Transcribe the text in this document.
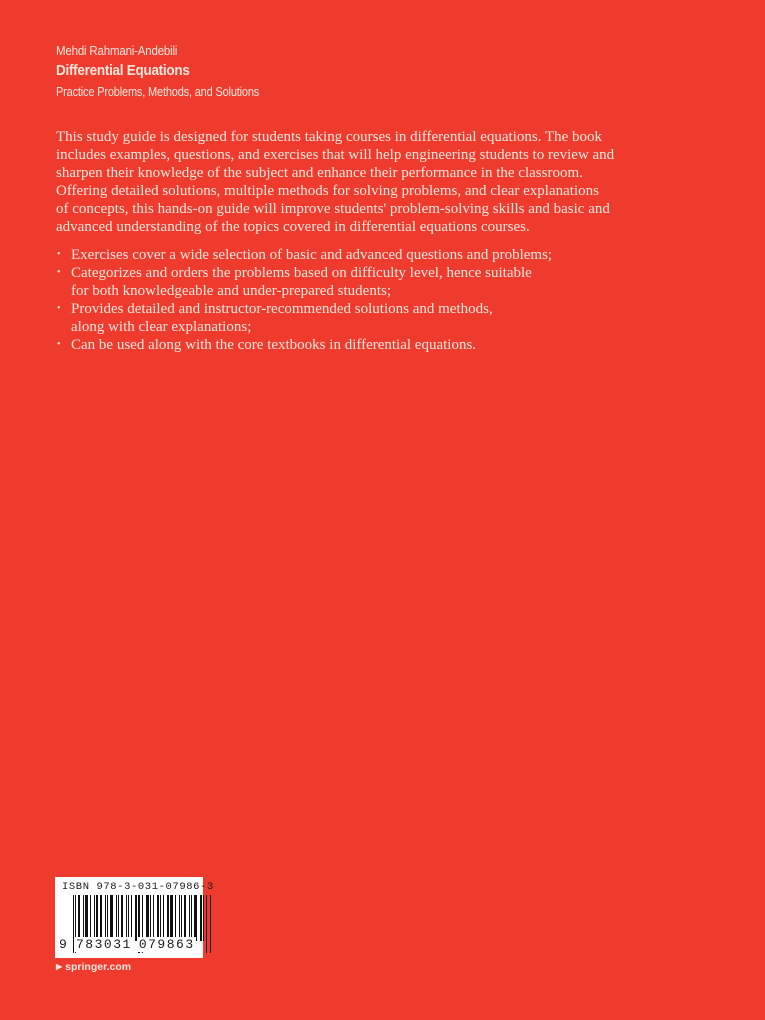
Mehdi Rahmani-Andebili
Differential Equations
Practice Problems, Methods, and Solutions
This study guide is designed for students taking courses in differential equations. The book
includes examples, questions, and exercises that will help engineering students to review and
sharpen their knowledge of the subject and enhance their performance in the classroom.
Offering detailed solutions, multiple methods for solving problems, and clear explanations
of concepts, this hands-on guide will improve students' problem-solving skills and basic and
advanced understanding of the topics covered in differential equations courses.
• Exercises cover a wide selection of basic and advanced questions and problems;
• Categorizes and orders the problems based on difficulty level, hence suitable
for both knowledgeable and under-prepared students;
• Provides detailed and instructor-recommended solutions and methods,
along with clear explanations;
• Can be used along with the core textbooks in differential equations.
ISBN 978-3-031-07986-3
9 783031 079863
▶ springer.com
